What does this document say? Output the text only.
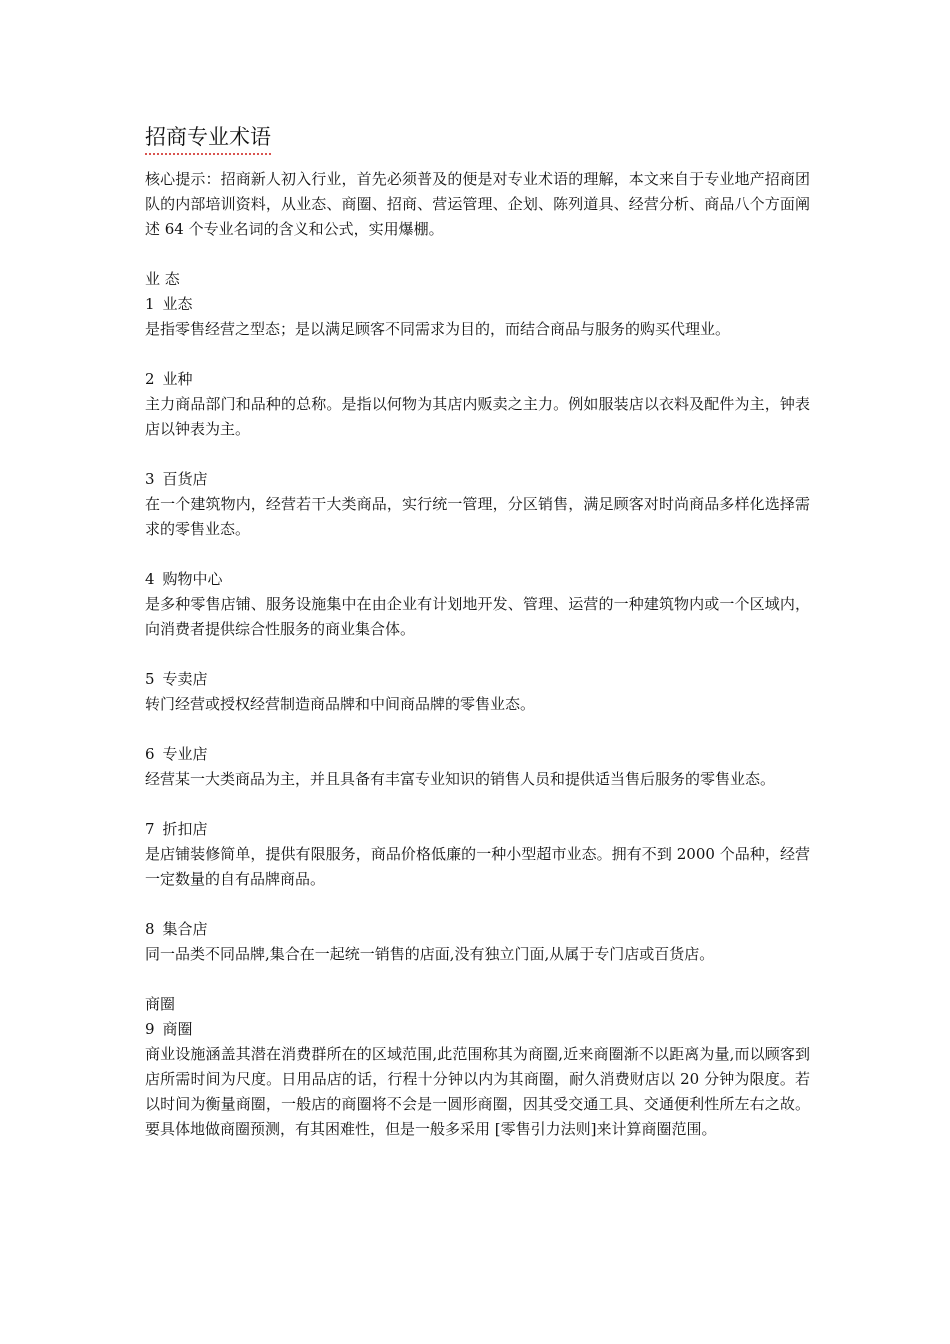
招商专业术语

核心提示：招商新人初入行业，首先必须普及的便是对专业术语的理解，本文来自于专业地产招商团队的内部培训资料，从业态、商圈、招商、营运管理、企划、陈列道具、经营分析、商品八个方面阐述 64 个专业名词的含义和公式，实用爆棚。

业 态

1 业态

是指零售经营之型态；是以满足顾客不同需求为目的，而结合商品与服务的购买代理业。

2 业种

主力商品部门和品种的总称。是指以何物为其店内贩卖之主力。例如服装店以衣料及配件为主，钟表店以钟表为主。

3 百货店

在一个建筑物内，经营若干大类商品，实行统一管理，分区销售，满足顾客对时尚商品多样化选择需求的零售业态。

4 购物中心

是多种零售店铺、服务设施集中在由企业有计划地开发、管理、运营的一种建筑物内或一个区域内，向消费者提供综合性服务的商业集合体。

5 专卖店

转门经营或授权经营制造商品牌和中间商品牌的零售业态。

6 专业店

经营某一大类商品为主，并且具备有丰富专业知识的销售人员和提供适当售后服务的零售业态。

7 折扣店

是店铺装修简单，提供有限服务，商品价格低廉的一种小型超市业态。拥有不到 2000 个品种，经营一定数量的自有品牌商品。

8 集合店

同一品类不同品牌,集合在一起统一销售的店面,没有独立门面,从属于专门店或百货店。

商圈

9 商圈

商业设施涵盖其潜在消费群所在的区域范围,此范围称其为商圈,近来商圈渐不以距离为量,而以顾客到店所需时间为尺度。日用品店的话，行程十分钟以内为其商圈，耐久消费财店以 20 分钟为限度。若以时间为衡量商圈，一般店的商圈将不会是一圆形商圈，因其受交通工具、交通便利性所左右之故。要具体地做商圈预测，有其困难性，但是一般多采用 [零售引力法则]来计算商圈范围。
